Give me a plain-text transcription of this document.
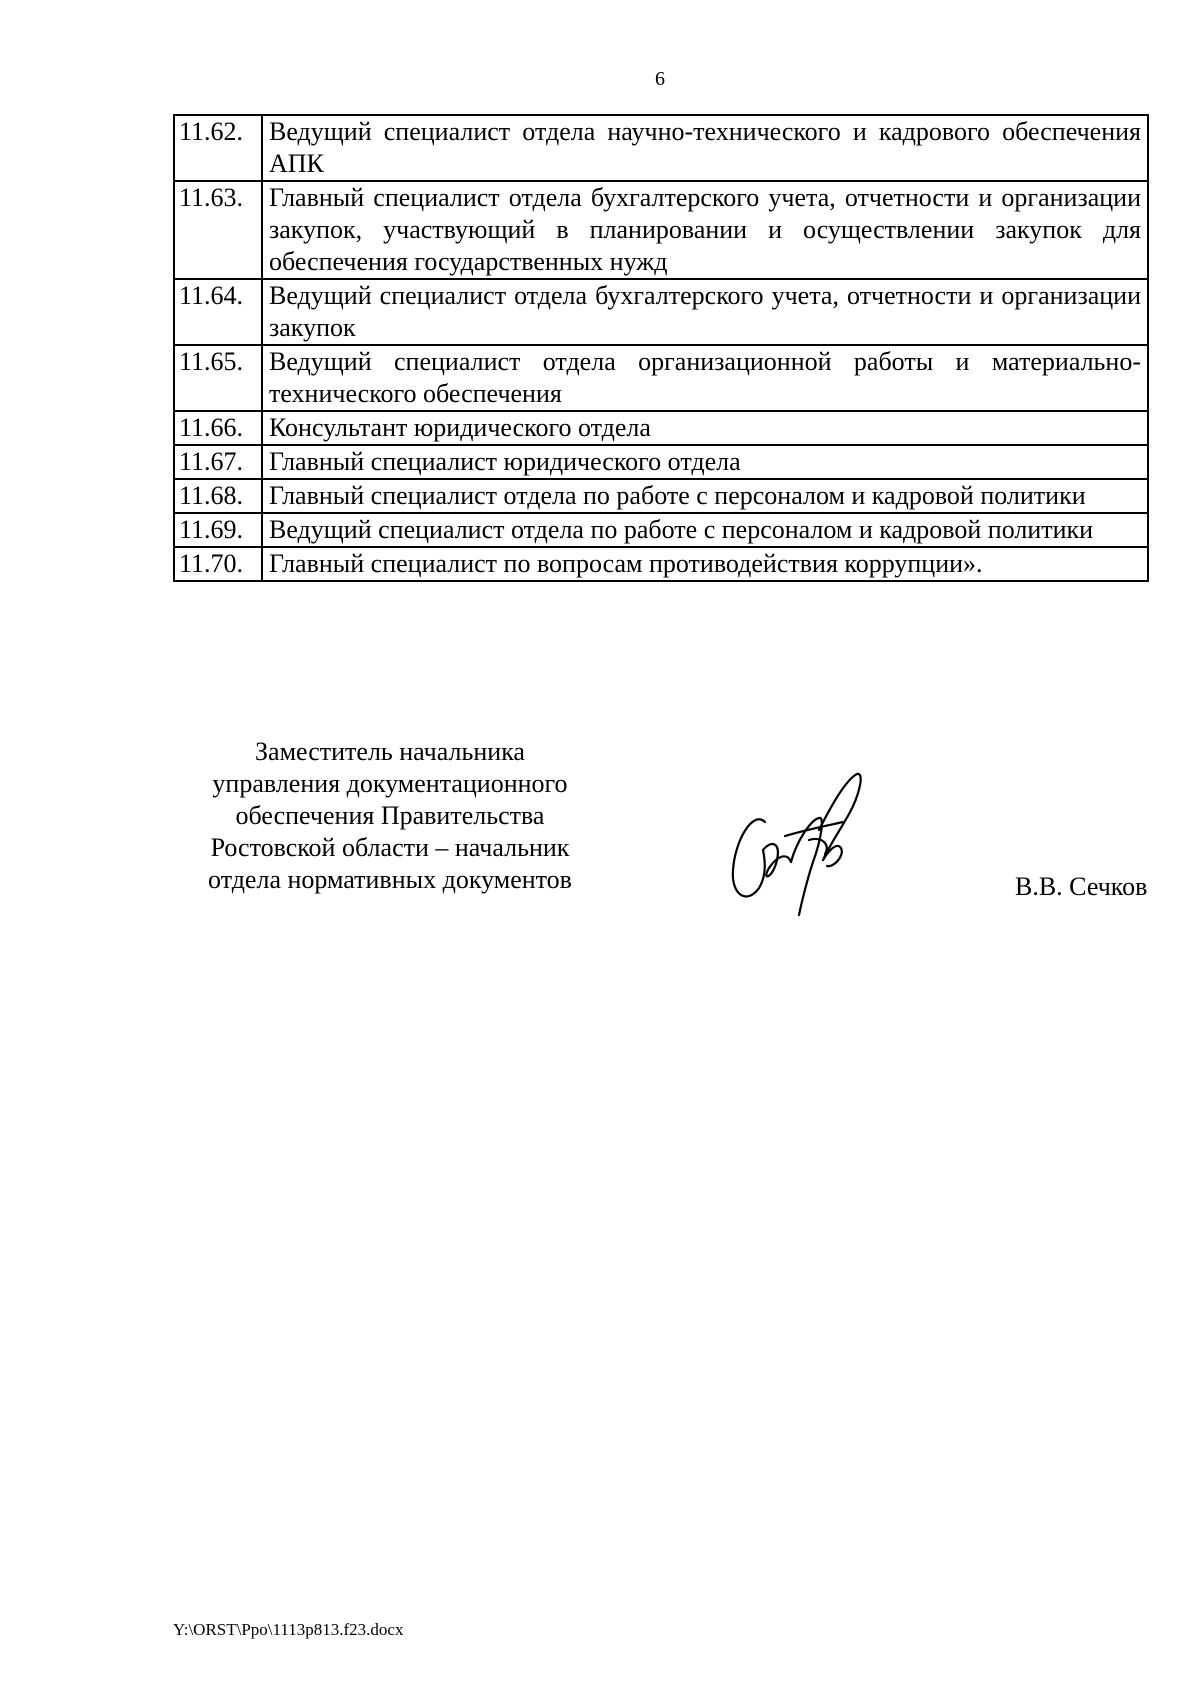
6
11.62.	Ведущий специалист отдела научно-технического и кадрового обеспечения АПК
11.63.	Главный специалист отдела бухгалтерского учета, отчетности и организации закупок, участвующий в планировании и осуществлении закупок для обеспечения государственных нужд
11.64.	Ведущий специалист отдела бухгалтерского учета, отчетности и организации закупок
11.65.	Ведущий специалист отдела организационной работы и материально-технического обеспечения
11.66.	Консультант юридического отдела
11.67.	Главный специалист юридического отдела
11.68.	Главный специалист отдела по работе с персоналом и кадровой политики
11.69.	Ведущий специалист отдела по работе с персоналом и кадровой политики
11.70.	Главный специалист по вопросам противодействия коррупции».
Заместитель начальника
управления документационного
обеспечения Правительства
Ростовской области – начальник
отдела нормативных документов	В.В. Сечков
Y:\ORST\Ppo\1113p813.f23.docx
